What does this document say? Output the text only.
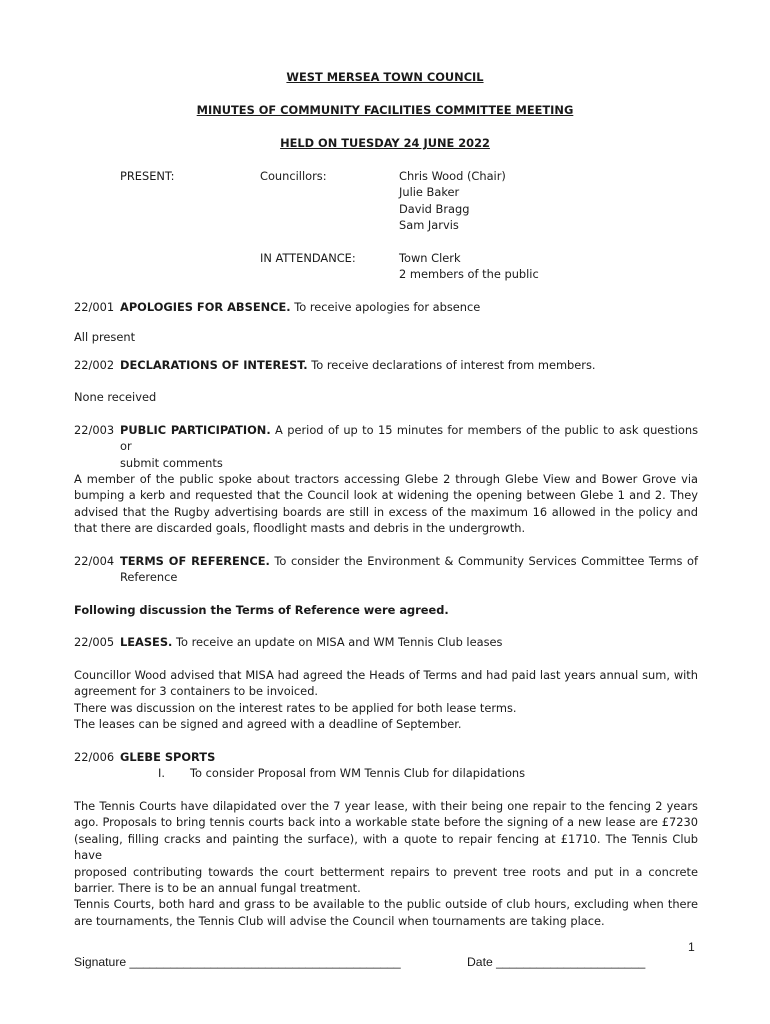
WEST MERSEA TOWN COUNCIL
MINUTES OF COMMUNITY FACILITIES COMMITTEE MEETING
HELD ON TUESDAY 24 JUNE 2022
PRESENT:	Councillors:	Chris Wood (Chair)
Julie Baker
David Bragg
Sam Jarvis
IN ATTENDANCE:	Town Clerk
2 members of the public
22/001 APOLOGIES FOR ABSENCE. To receive apologies for absence
All present
22/002 DECLARATIONS OF INTEREST. To receive declarations of interest from members.
None received
22/003 PUBLIC PARTICIPATION. A period of up to 15 minutes for members of the public to ask questions or
submit comments
A member of the public spoke about tractors accessing Glebe 2 through Glebe View and Bower Grove via
bumping a kerb and requested that the Council look at widening the opening between Glebe 1 and 2. They
advised that the Rugby advertising boards are still in excess of the maximum 16 allowed in the policy and
that there are discarded goals, floodlight masts and debris in the undergrowth.
22/004 TERMS OF REFERENCE. To consider the Environment & Community Services Committee Terms of
Reference
Following discussion the Terms of Reference were agreed.
22/005 LEASES. To receive an update on MISA and WM Tennis Club leases
Councillor Wood advised that MISA had agreed the Heads of Terms and had paid last years annual sum, with
agreement for 3 containers to be invoiced.
There was discussion on the interest rates to be applied for both lease terms.
The leases can be signed and agreed with a deadline of September.
22/006 GLEBE SPORTS
I. To consider Proposal from WM Tennis Club for dilapidations
The Tennis Courts have dilapidated over the 7 year lease, with their being one repair to the fencing 2 years
ago. Proposals to bring tennis courts back into a workable state before the signing of a new lease are £7230
(sealing, filling cracks and painting the surface), with a quote to repair fencing at £1710. The Tennis Club have
proposed contributing towards the court betterment repairs to prevent tree roots and put in a concrete
barrier. There is to be an annual fungal treatment.
Tennis Courts, both hard and grass to be available to the public outside of club hours, excluding when there
are tournaments, the Tennis Club will advise the Council when tournaments are taking place.
1
Signature ________________________________________	Date ______________________
